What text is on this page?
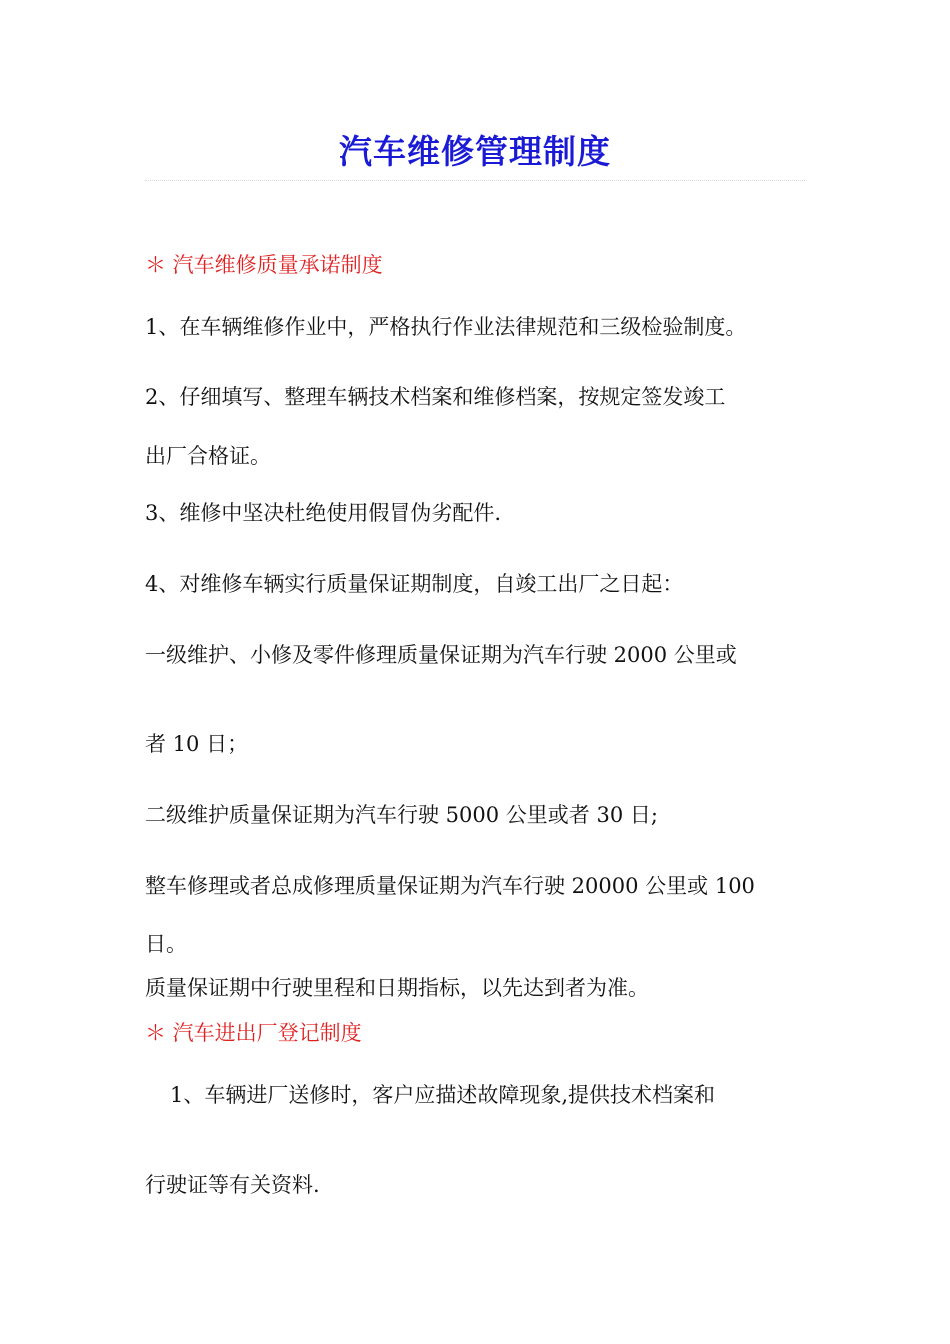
汽车维修管理制度
＊ 汽车维修质量承诺制度
1、在车辆维修作业中，严格执行作业法律规范和三级检验制度。
2、仔细填写、整理车辆技术档案和维修档案，按规定签发竣工
出厂合格证。
3、维修中坚决杜绝使用假冒伪劣配件.
4、对维修车辆实行质量保证期制度，自竣工出厂之日起：
一级维护、小修及零件修理质量保证期为汽车行驶 2000 公里或
者 10 日；
二级维护质量保证期为汽车行驶 5000 公里或者 30 日;
整车修理或者总成修理质量保证期为汽车行驶 20000 公里或 100
日。
质量保证期中行驶里程和日期指标，以先达到者为准。
＊ 汽车进出厂登记制度
1、车辆进厂送修时，客户应描述故障现象,提供技术档案和
行驶证等有关资料.
